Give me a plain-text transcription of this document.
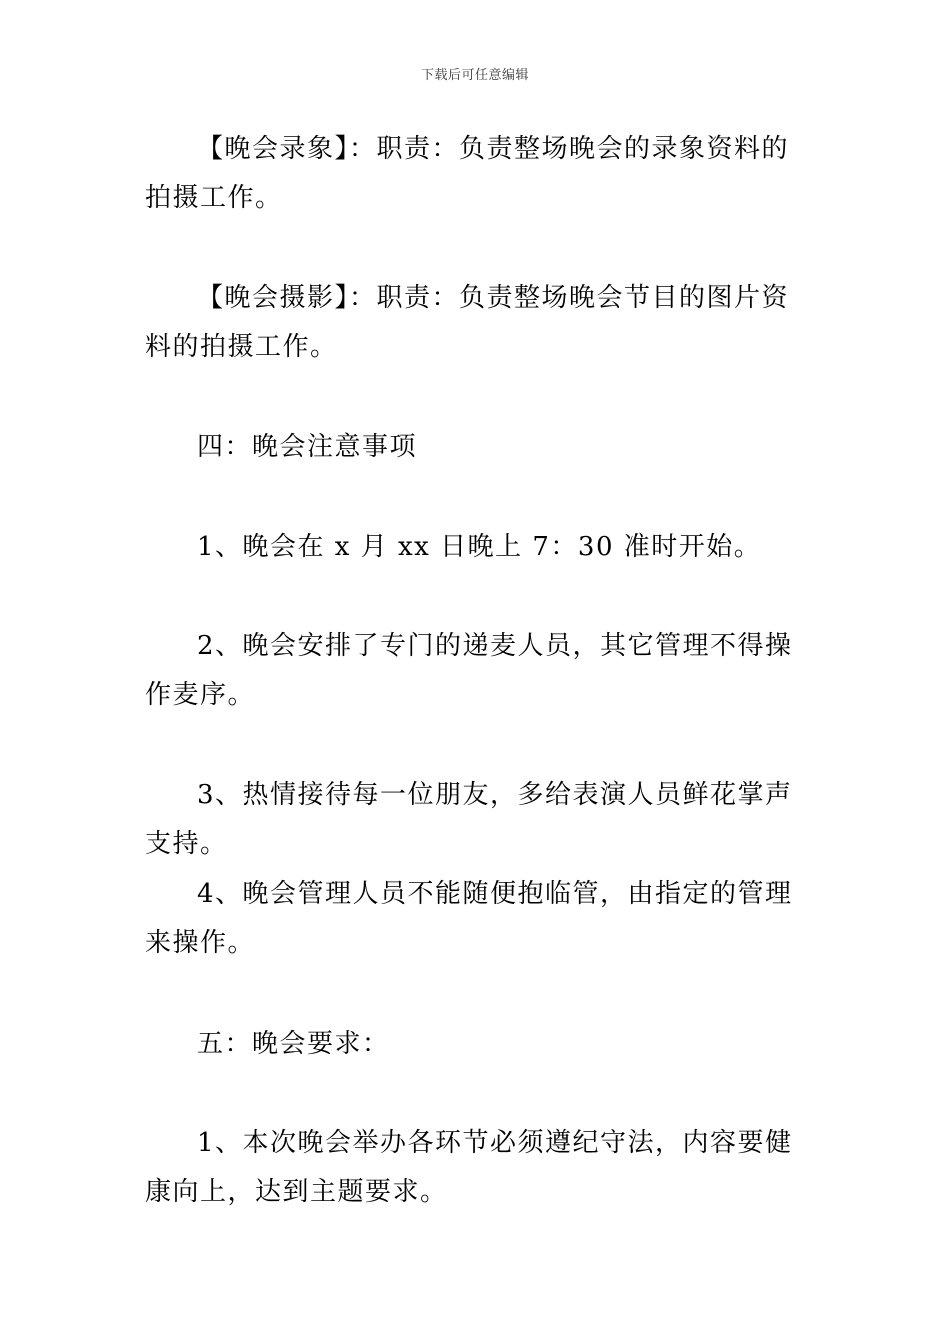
下载后可任意编辑

【晚会录象】：职责：负责整场晚会的录象资料的拍摄工作。

【晚会摄影】：职责：负责整场晚会节目的图片资料的拍摄工作。

四：晚会注意事项

1、晚会在 x 月 xx 日晚上 7：30 准时开始。

2、晚会安排了专门的递麦人员，其它管理不得操作麦序。

3、热情接待每一位朋友，多给表演人员鲜花掌声支持。

4、晚会管理人员不能随便抱临管，由指定的管理来操作。

五：晚会要求：

1、本次晚会举办各环节必须遵纪守法，内容要健康向上，达到主题要求。
